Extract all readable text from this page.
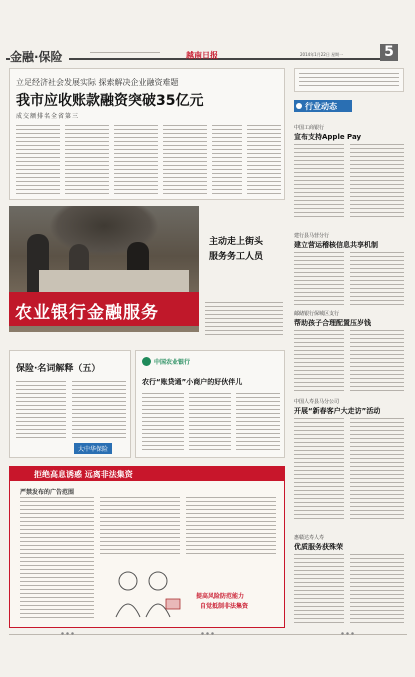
金融·保险	越南日报	2014年1月22日 星期一	5
立足经济社会发展实际 探索解决企业融资难题
我市应收账款融资突破35亿元
成交额排名全省第三
农业银行金融服务
主动走上街头
服务务工人员
保险·名词解释（五）
大中华保险
中国农业银行
农行“账贷通”小商户的好伙伴儿
拒绝高息诱惑 远离非法集资
严禁发布的广告范围
提高风险防范能力
自觉抵制非法集资
行业动态
中国工商银行
宣布支持Apple Pay
建行县马营分行
建立营运稽核信息共享机制
邮储银行保城区支行
帮助孩子合理配置压岁钱
中国人寿县马分公司
开展“新春客户大走访”活动
惠赣达寿人寿
优质服务获殊荣
